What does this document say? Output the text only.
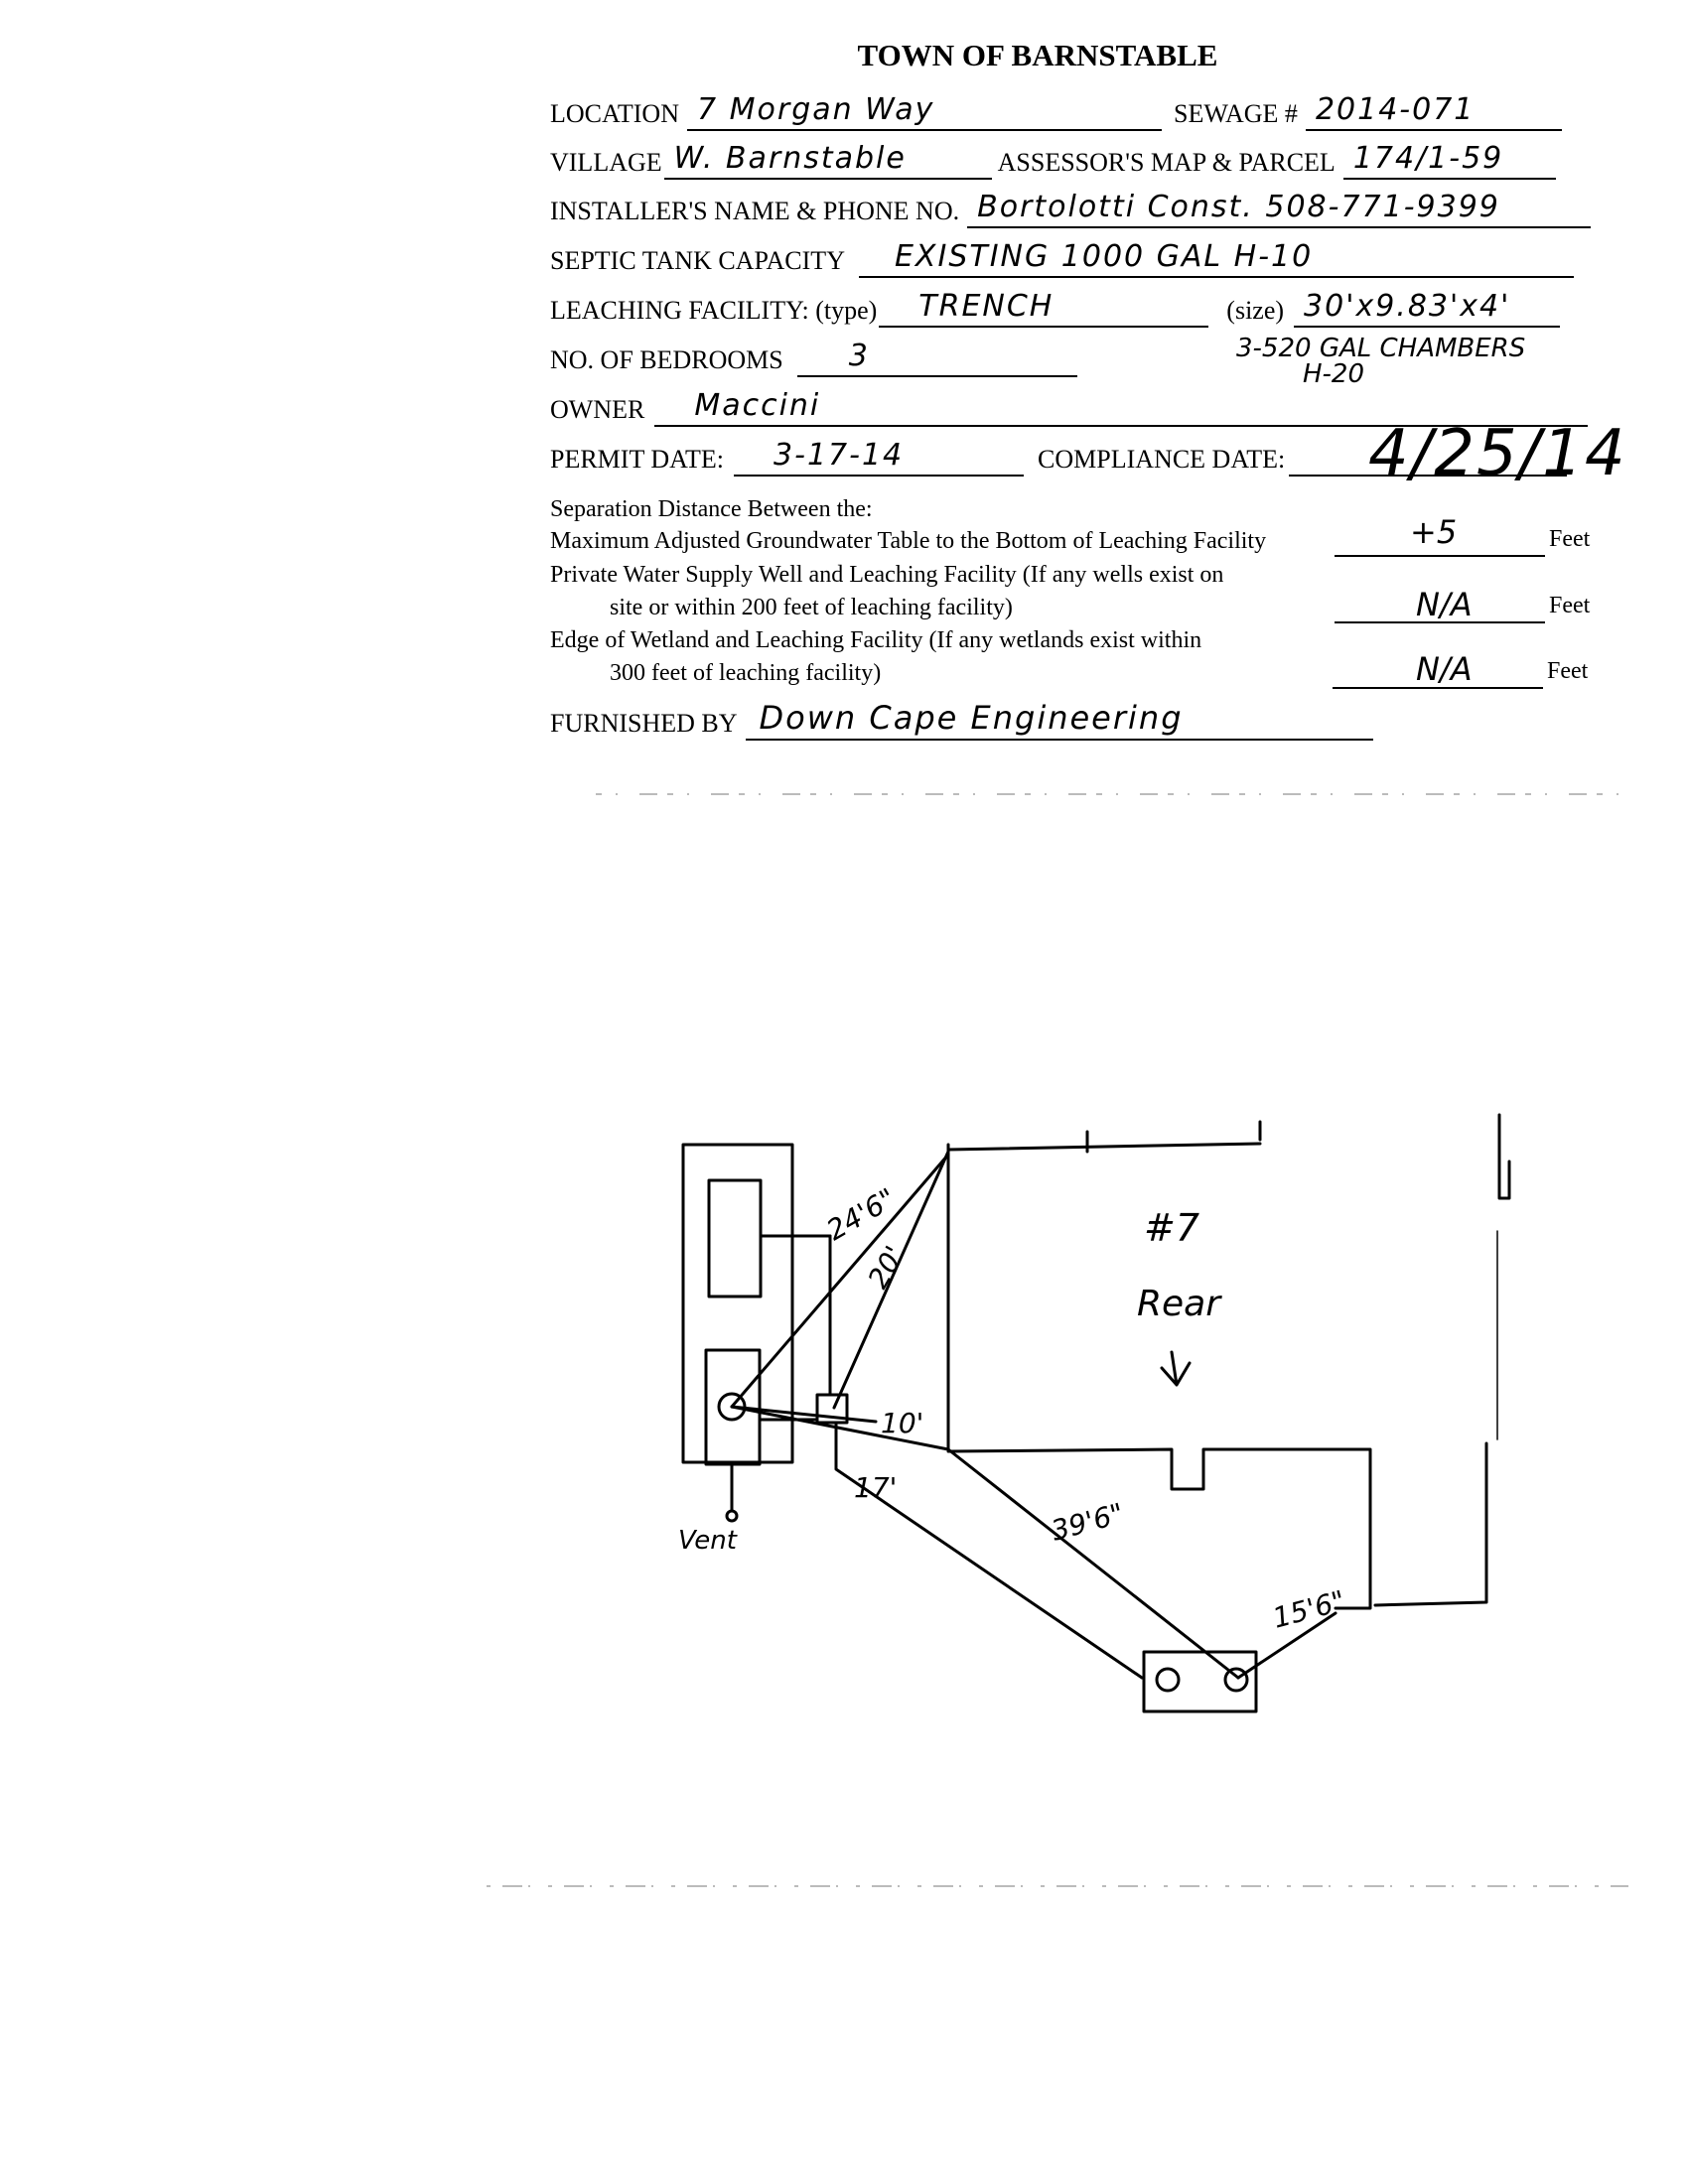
TOWN OF BARNSTABLE
LOCATION 7 Morgan Way	SEWAGE # 2014-071
VILLAGE W. Barnstable	ASSESSOR'S MAP & PARCEL 174/1-59
INSTALLER'S NAME & PHONE NO. Bortolotti Const. 508-771-9399
SEPTIC TANK CAPACITY EXISTING 1000 GAL H-10
LEACHING FACILITY: (type) TRENCH	(size) 30'x9.83'x4'
NO. OF BEDROOMS 3	3-520 GAL CHAMBERS
H-20
OWNER Maccini
PERMIT DATE: 3-17-14	COMPLIANCE DATE: 4/25/14
Separation Distance Between the:
Maximum Adjusted Groundwater Table to the Bottom of Leaching Facility	+5	Feet
Private Water Supply Well and Leaching Facility (If any wells exist on
site or within 200 feet of leaching facility)	N/A	Feet
Edge of Wetland and Leaching Facility (If any wetlands exist within
300 feet of leaching facility)	N/A	Feet
FURNISHED BY Down Cape Engineering
#7
Rear
24'6"
20'
10'
17'
39'6"
15'6"
Vent
